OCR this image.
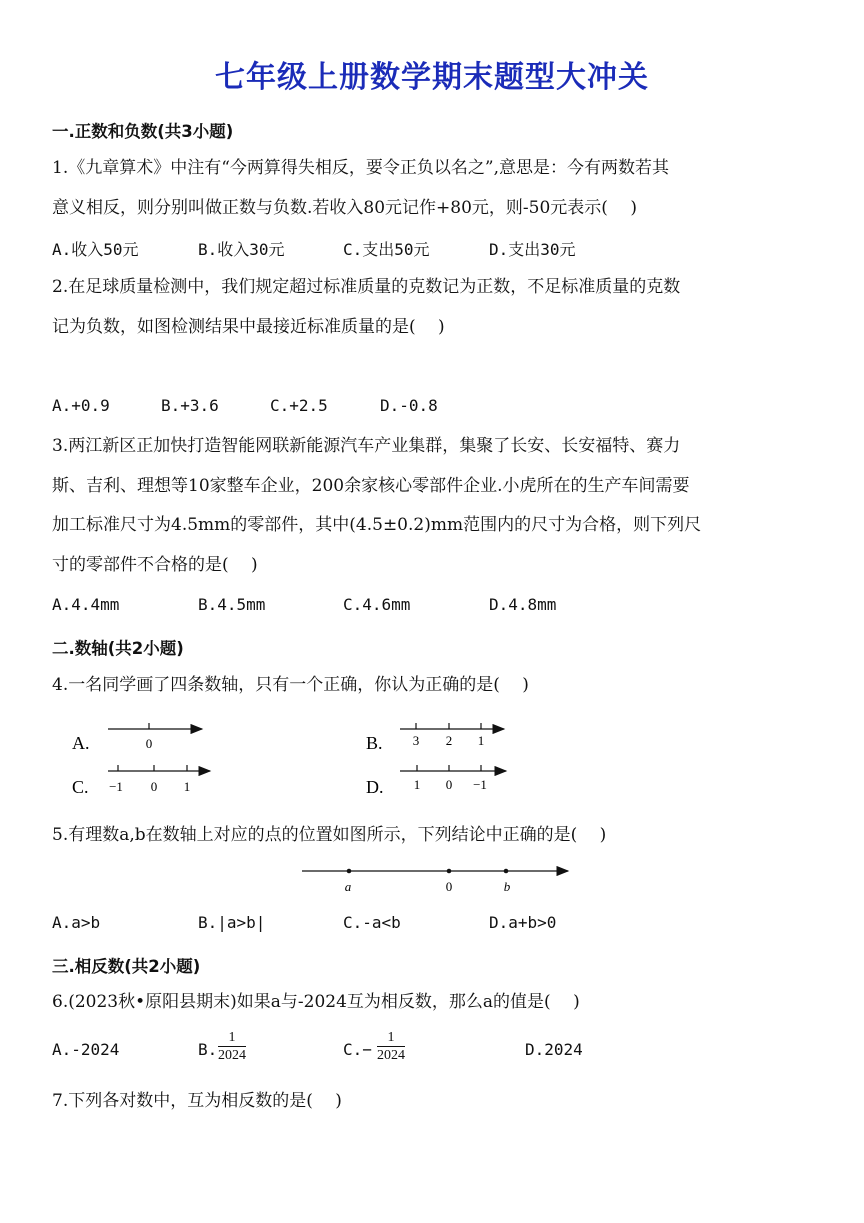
七年级上册数学期末题型大冲关
一.正数和负数(共3小题)
1.《九章算术》中注有“今两算得失相反，要令正负以名之”,意思是：今有两数若其
意义相反，则分别叫做正数与负数.若收入80元记作+80元，则-50元表示(　 )
A.收入50元	B.收入30元	C.支出50元	D.支出30元
2.在足球质量检测中，我们规定超过标准质量的克数记为正数，不足标准质量的克数
记为负数，如图检测结果中最接近标准质量的是(　 )
A.+0.9	B.+3.6	C.+2.5	D.-0.8
3.两江新区正加快打造智能网联新能源汽车产业集群，集聚了长安、长安福特、赛力
斯、吉利、理想等10家整车企业，200余家核心零部件企业.小虎所在的生产车间需要
加工标准尺寸为4.5mm的零部件，其中(4.5±0.2)mm范围内的尺寸为合格，则下列尺
寸的零部件不合格的是(　 )
A.4.4mm	B.4.5mm	C.4.6mm	D.4.8mm
二.数轴(共2小题)
4.一名同学画了四条数轴，只有一个正确，你认为正确的是(　 )
A.	0	B. 3 2 1
C. −1 0 1	D. 1 0 −1
5.有理数a,b在数轴上对应的点的位置如图所示，下列结论中正确的是(　 )
a	0	b
A.a>b	B.|a>b|	C.-a<b	D.a+b>0
三.相反数(共2小题)
6.(2023秋•原阳县期末)如果a与-2024互为相反数，那么a的值是(　 )
A.-2024	B.	C.−	D.2024
$\frac{1}{2024}$	$\frac{1}{2024}$
7.下列各对数中，互为相反数的是(　 )
